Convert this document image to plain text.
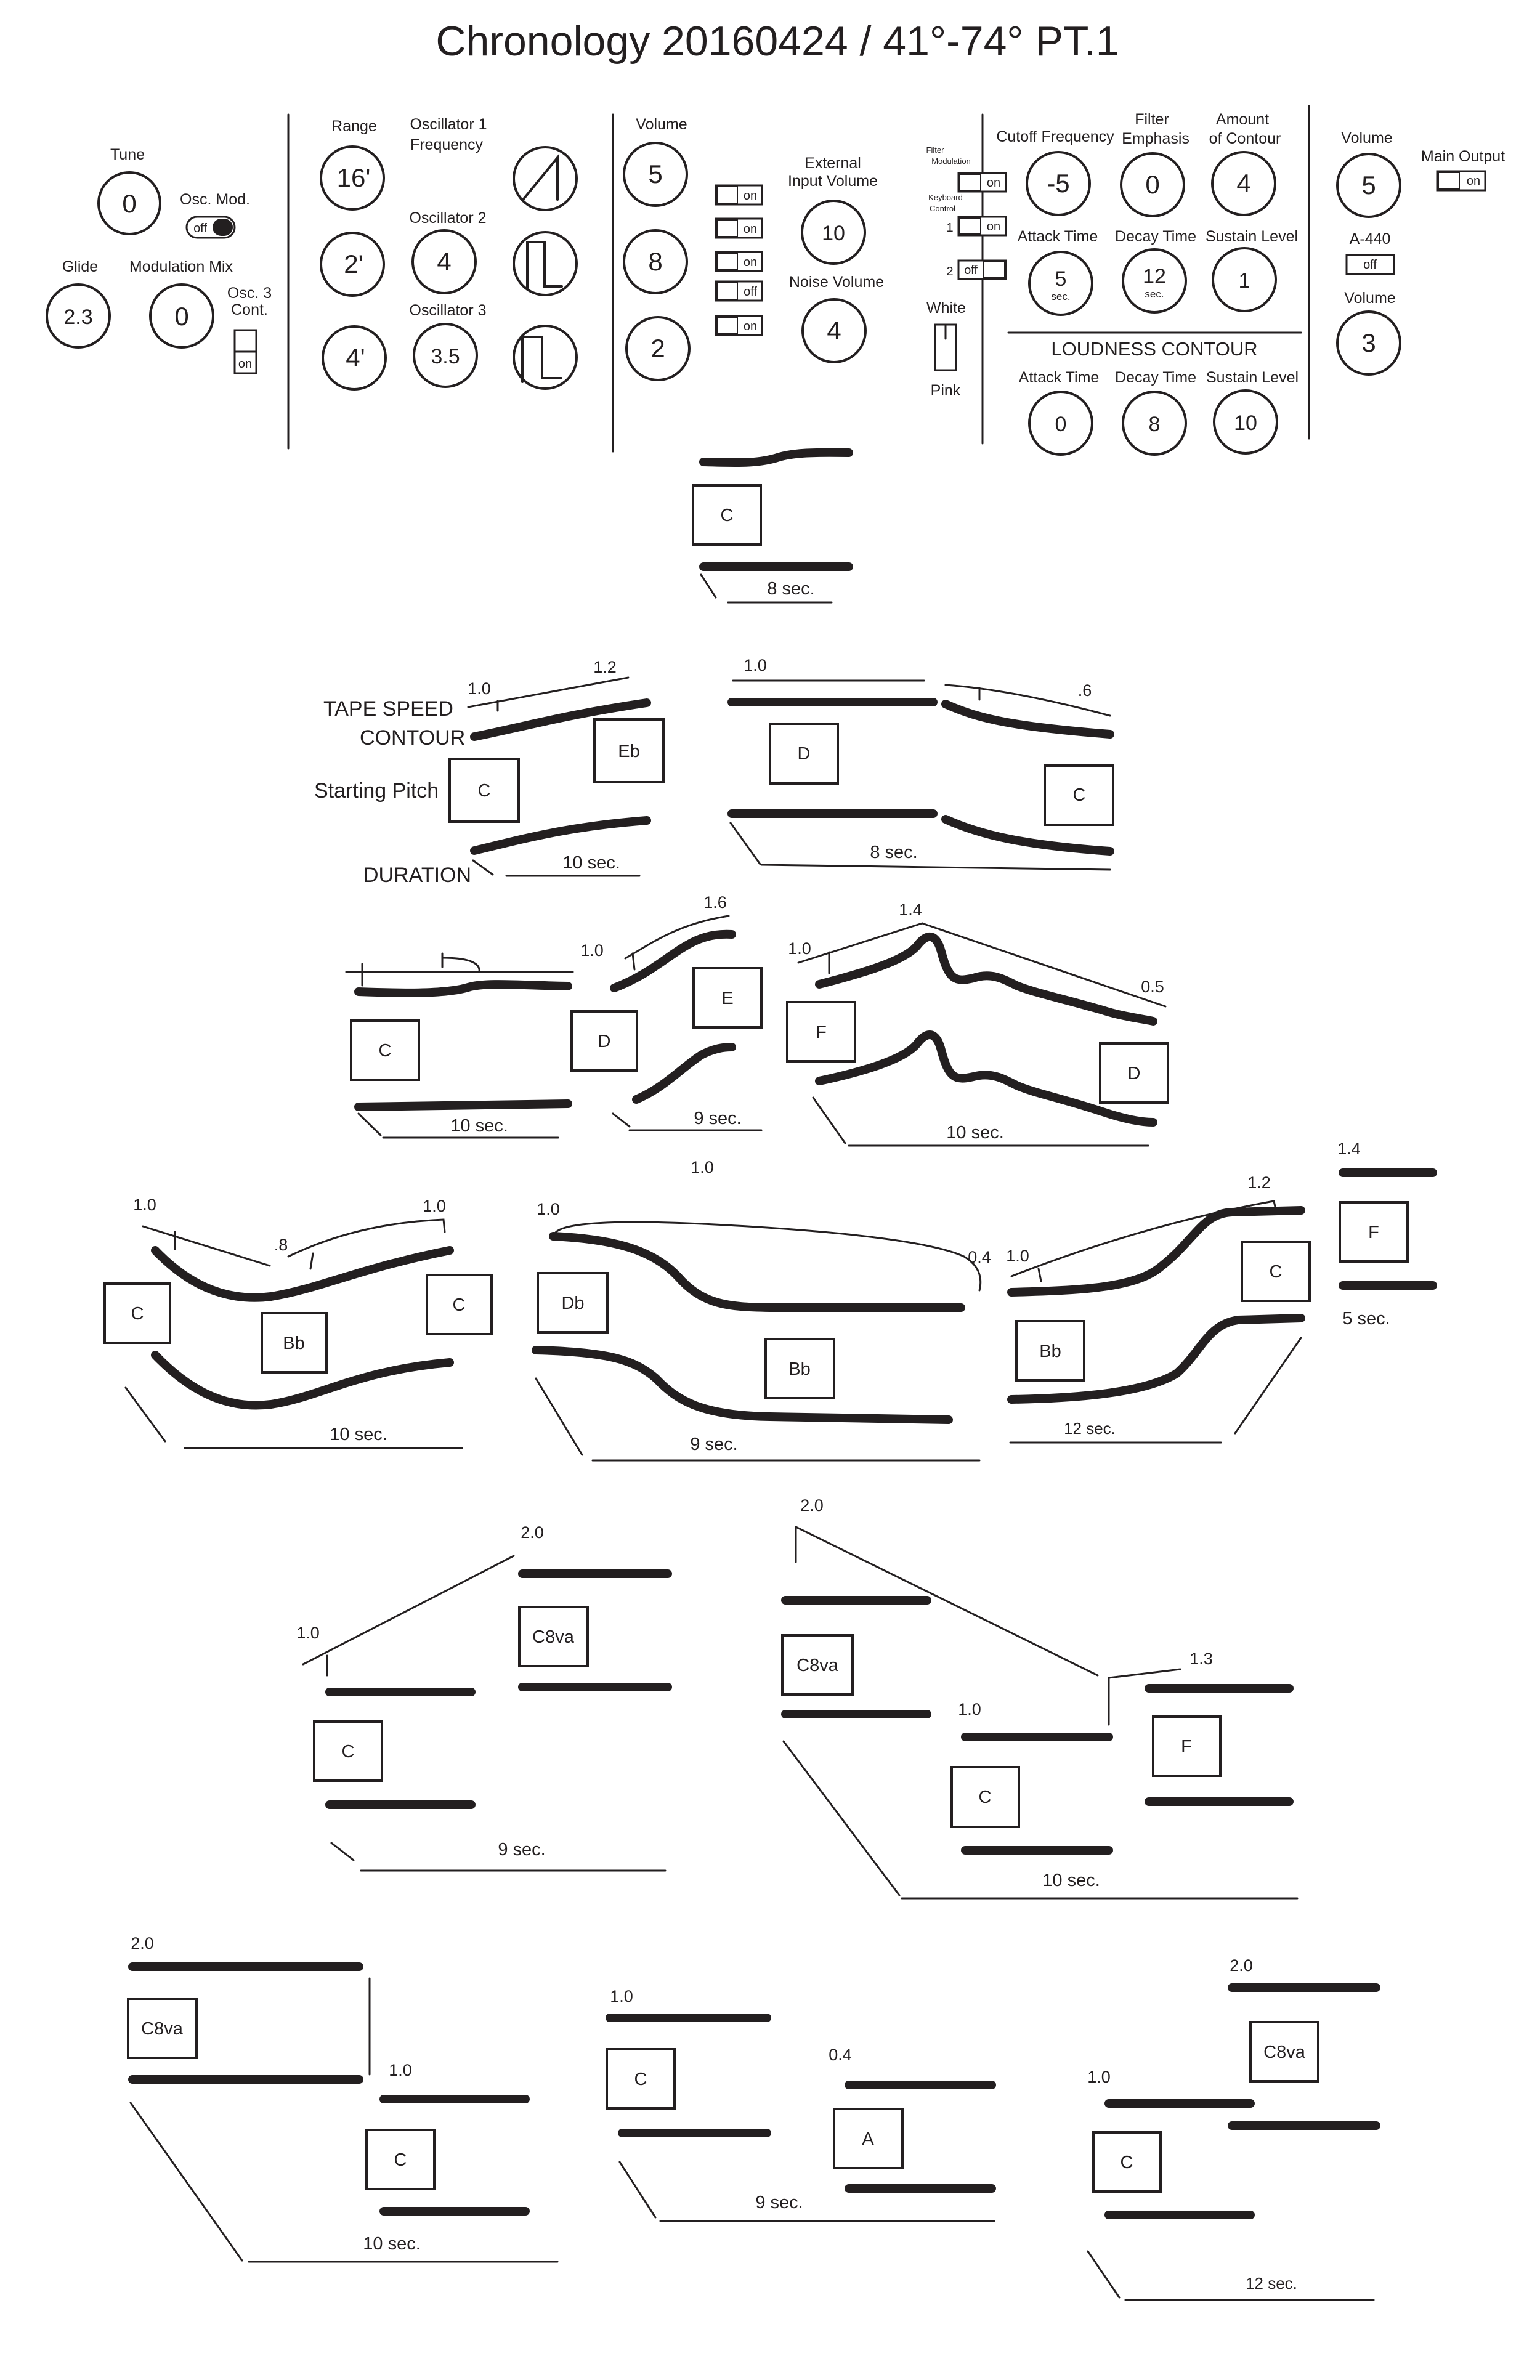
Chronology 20160424 / 41°-74° PT.1
Tune
0	Osc. Mod.
off
Glide
2.3
Modulation Mix
0
Osc. 3
Cont.
on
Range Oscillator 1
Frequency
Oscillator 2
Oscillator 3
16ʹ
2ʹ
4ʹ
4
3.5
Volume
5
8
2
on
on
on
off
on
External
Input Volume
10
Noise Volume
4
White
Pink
Filter
Modulation
on
Keyboard
Control
1	on
2 off
Cutoff Frequency
-5
Filter
Emphasis
0
Amount
of Contour
4
Attack Time
5
sec.
Decay Time
12
sec.
Sustain Level
1
LOUDNESS CONTOUR
Attack Time
0
Decay Time
8
Sustain Level
10
Volume
5
Main Output
on
A-440
off
Volume
3
C
8 sec.
TAPE SPEED
CONTOUR
Starting Pitch
DURATION
1.0
1.2
C
Eb
10 sec.
1.0
D
8 sec.
.6
C
C
10 sec.
1.0
1.6
D
E
9 sec.
1.0
1.4
0.5
F
D
10 sec.
1.0
1.0
.8
1.0
C
Bb
C
10 sec.
1.0
0.4
Db
Bb
9 sec.
1.0
1.2
Bb
C
12 sec.
1.4
F
5 sec.
1.0
2.0
C
C8va
9 sec.
2.0
1.0
1.3
C8va
C
F
10 sec.
2.0
1.0
C8va
C
10 sec.
1.0
0.4
C
A
9 sec.
1.0
2.0
C
C8va
12 sec.
